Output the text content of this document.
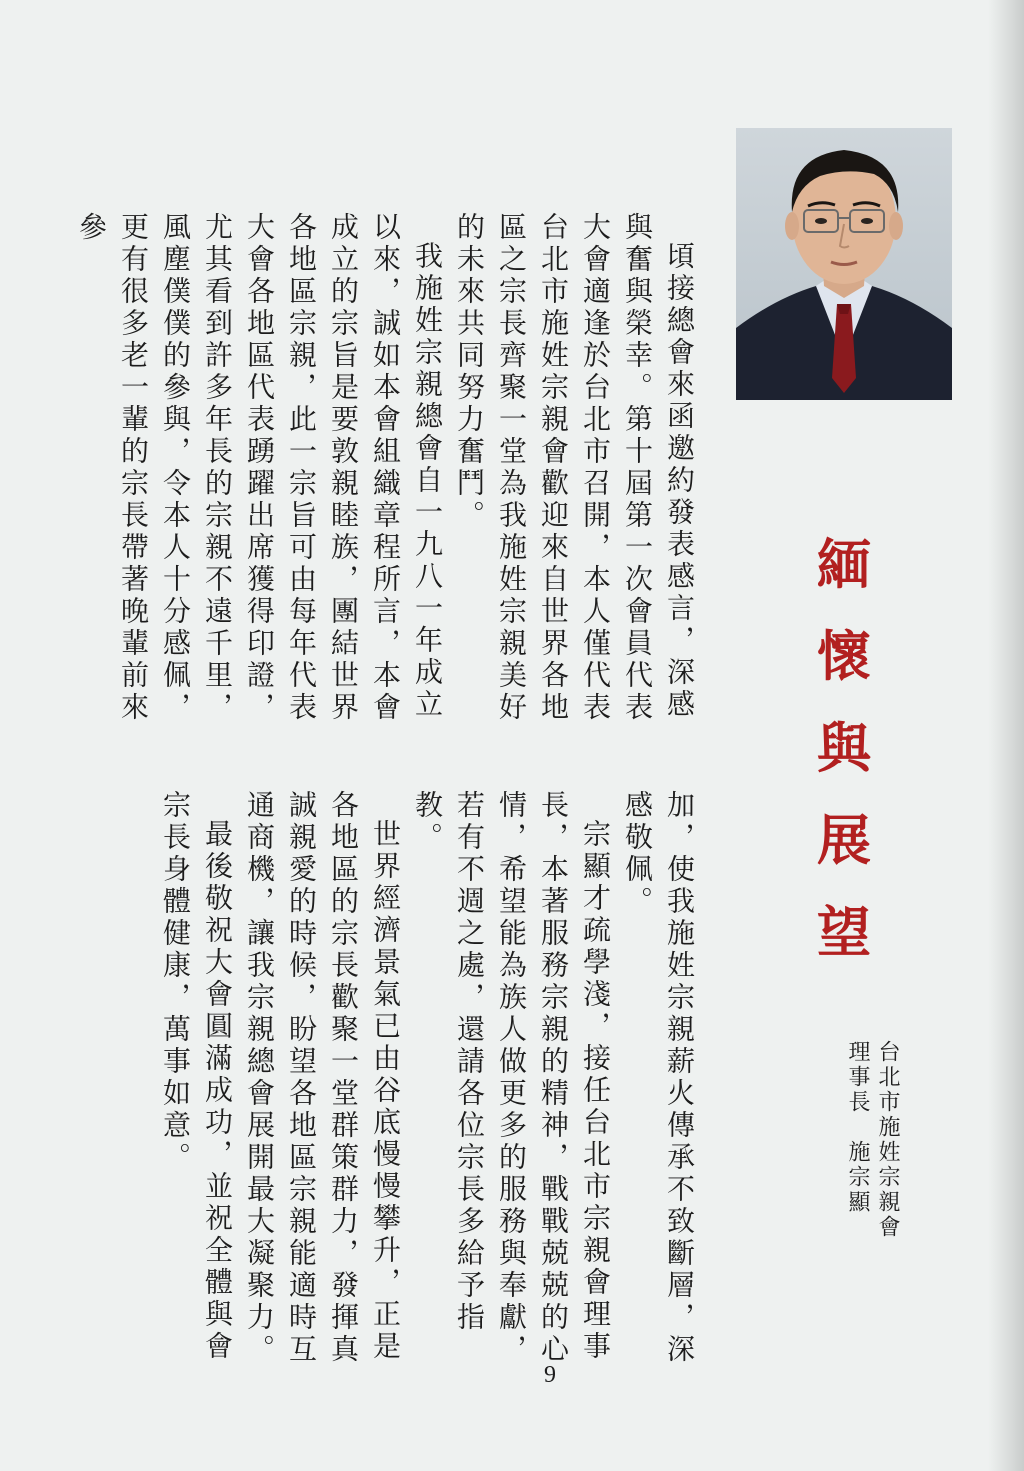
緬
懷
與
展
望
台北市施姓宗親會
理事長　施宗顯

頃接總會來函邀約發表感言，深感與奮與榮幸。第十屆第一次會員代表大會適逢於台北市召開，本人僅代表台北市施姓宗親會歡迎來自世界各地區之宗長齊聚一堂為我施姓宗親美好的未來共同努力奮鬥。

我施姓宗親總會自一九八一年成立以來，誠如本會組織章程所言，本會成立的宗旨是要敦親睦族，團結世界各地區宗親，此一宗旨可由每年代表大會各地區代表踴躍出席獲得印證，尤其看到許多年長的宗親不遠千里，風塵僕僕的參與，令本人十分感佩，更有很多老一輩的宗長帶著晚輩前來參

加，使我施姓宗親薪火傳承不致斷層，深感敬佩。

宗顯才疏學淺，接任台北市宗親會理事長，本著服務宗親的精神，戰戰兢兢的心情，希望能為族人做更多的服務與奉獻，若有不週之處，還請各位宗長多給予指教。

世界經濟景氣已由谷底慢慢攀升，正是各地區的宗長歡聚一堂群策群力，發揮真誠親愛的時候，盼望各地區宗親能適時互通商機，讓我宗親總會展開最大凝聚力。

最後敬祝大會圓滿成功，並祝全體與會宗長身體健康，萬事如意。

9
